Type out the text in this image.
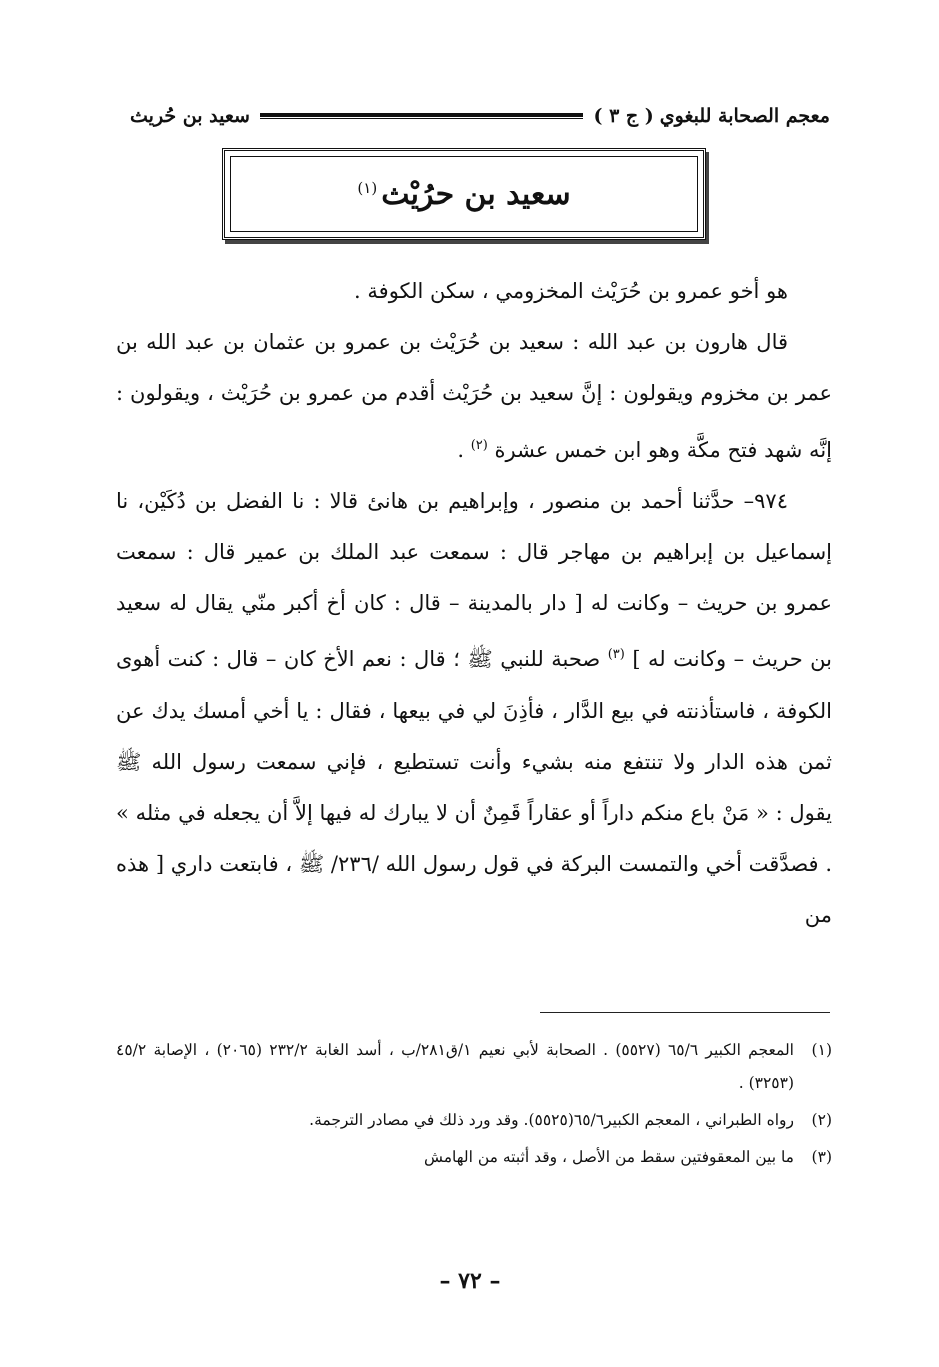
معجم الصحابة للبغوي
( ج ٣ )
سعيد بن حُريث
سعيد بن حرُيْث$^{(١)}$

هو أخو عمرو بن حُرَيْث المخزومي ، سكن الكوفة .

قال هارون بن عبد الله : سعيد بن حُرَيْث بن عمرو بن عثمان بن عبد الله بن عمر بن مخزوم ويقولون : إنَّ سعيد بن حُرَيْث أقدم من عمرو بن حُرَيْث ، ويقولون : إنَّه شهد فتح مكَّة وهو ابن خمس عشرة $^{(٢)}$ .

٩٧٤– حدَّثنا أحمد بن منصور ، وإبراهيم بن هانئ قالا : نا الفضل بن دُكَيْن، نا إسماعيل بن إبراهيم بن مهاجر قال : سمعت عبد الملك بن عمير قال : سمعت عمرو بن حريث – وكانت له [ دار بالمدينة – قال : كان أخ أكبر منّي يقال له سعيد بن حريث – وكانت له ] $^{(٣)}$ صحبة للنبي ﷺ ؛ قال : نعم الأخ كان – قال : كنت أهوى الكوفة ، فاستأذنته في بيع الدَّار ، فأذِنَ لي في بيعها ، فقال : يا أخي أمسك يدك عن ثمن هذه الدار ولا تنتفع منه بشيء وأنت تستطيع ، فإني سمعت رسول الله ﷺ يقول : « مَنْ باع منكم داراً أو عقاراً قَمِنٌ أن لا يبارك له فيها إلاَّ أن يجعله في مثله » . فصدَّقت أخي والتمست البركة في قول رسول الله /٢٣٦/ ﷺ ، فابتعت داري [ هذه من

(١)
المعجم الكبير ٦٥/٦ (٥٥٢٧) . الصحابة لأبي نعيم ١/ق٢٨١/ب ، أسد الغابة ٢٣٢/٢ (٢٠٦٥) ، الإصابة ٤٥/٢ (٣٢٥٣) .
(٢)
رواه الطبراني ، المعجم الكبير٦٥/٦(٥٥٢٥). وقد ورد ذلك في مصادر الترجمة.
(٣)
ما بين المعقوفتين سقط من الأصل ، وقد أثبته من الهامش
– ٧٢ –
